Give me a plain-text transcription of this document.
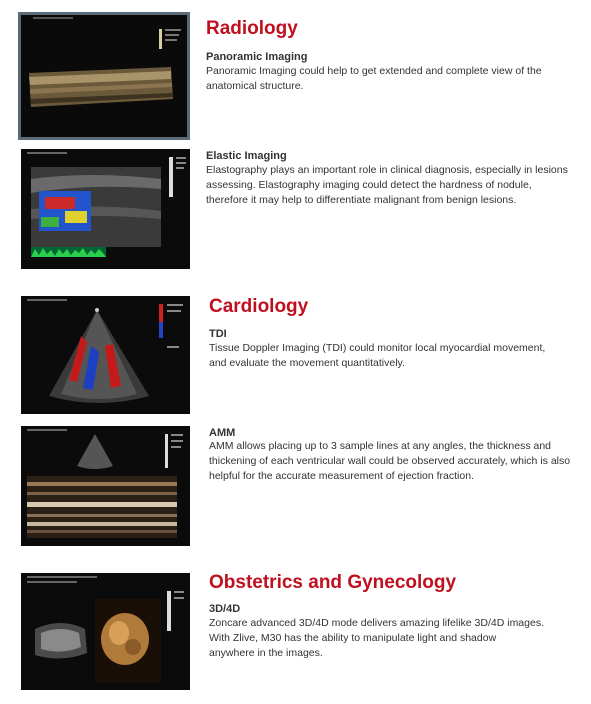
Radiology
Panoramic Imaging
Panoramic Imaging could help to get extended and complete view of the
anatomical structure.
Elastic Imaging
Elastography plays an important role in clinical diagnosis, especially in lesions
assessing. Elastography imaging could detect the hardness of nodule,
therefore it may help to differentiate malignant from benign lesions.
Cardiology
TDI
Tissue Doppler Imaging (TDI) could monitor local myocardial movement,
and evaluate the movement quantitatively.
AMM
AMM allows placing up to 3 sample lines at any angles, the thickness and
thickening of each ventricular wall could be observed accurately, which is also
helpful for the accurate measurement of ejection fraction.
Obstetrics and Gynecology
3D/4D
Zoncare advanced 3D/4D mode delivers amazing lifelike 3D/4D images.
With Zlive, M30 has the ability to manipulate light and shadow
anywhere in the images.
